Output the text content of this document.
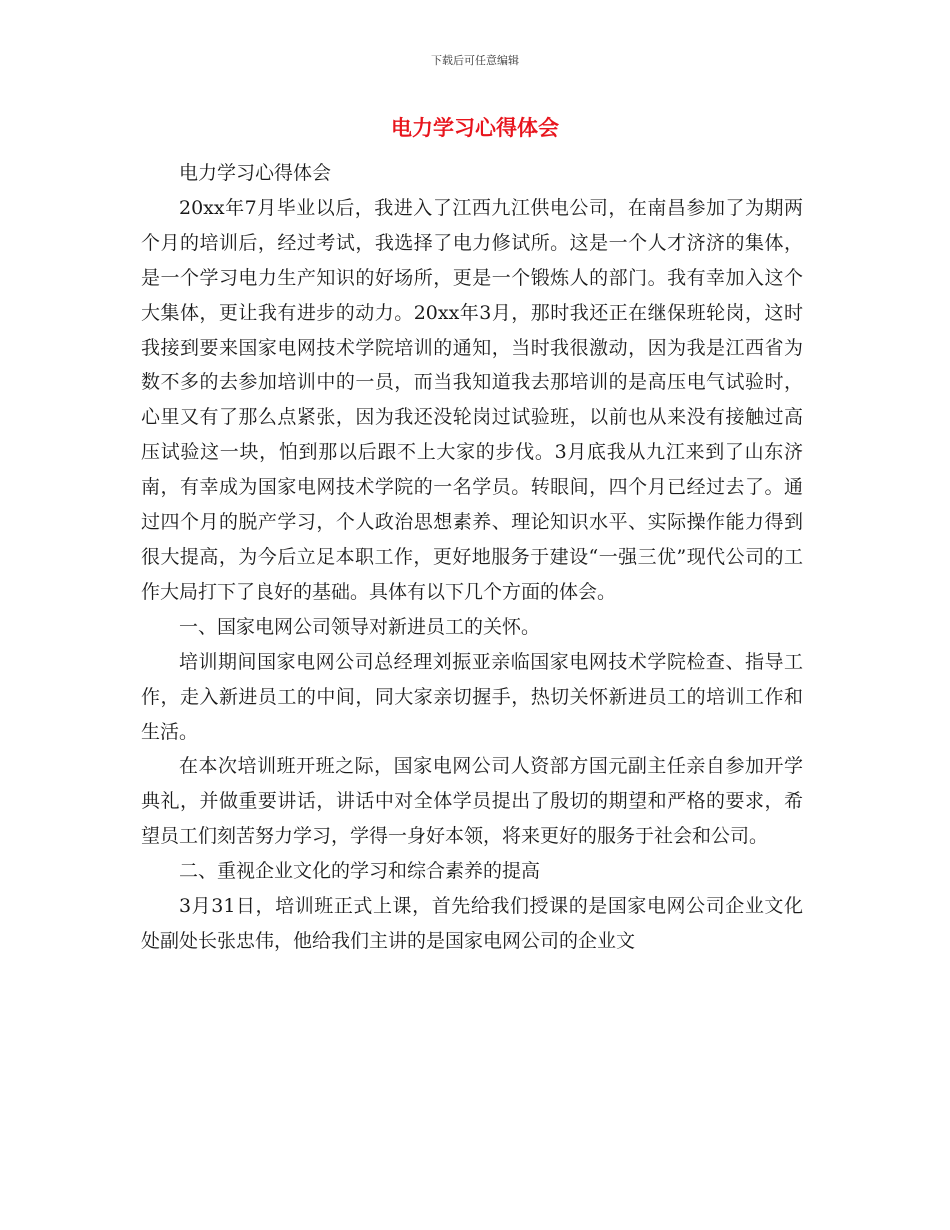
下载后可任意编辑
电力学习心得体会

电力学习心得体会

20xx年7月毕业以后，我进入了江西九江供电公司，在南昌参加了为期两个月的培训后，经过考试，我选择了电力修试所。这是一个人才济济的集体，是一个学习电力生产知识的好场所，更是一个锻炼人的部门。我有幸加入这个大集体，更让我有进步的动力。20xx年3月，那时我还正在继保班轮岗，这时我接到要来国家电网技术学院培训的通知，当时我很激动，因为我是江西省为数不多的去参加培训中的一员，而当我知道我去那培训的是高压电气试验时，心里又有了那么点紧张，因为我还没轮岗过试验班，以前也从来没有接触过高压试验这一块，怕到那以后跟不上大家的步伐。3月底我从九江来到了山东济南，有幸成为国家电网技术学院的一名学员。转眼间，四个月已经过去了。通过四个月的脱产学习，个人政治思想素养、理论知识水平、实际操作能力得到很大提高，为今后立足本职工作，更好地服务于建设“一强三优”现代公司的工作大局打下了良好的基础。具体有以下几个方面的体会。

一、国家电网公司领导对新进员工的关怀。

培训期间国家电网公司总经理刘振亚亲临国家电网技术学院检查、指导工作，走入新进员工的中间，同大家亲切握手，热切关怀新进员工的培训工作和生活。

在本次培训班开班之际，国家电网公司人资部方国元副主任亲自参加开学典礼，并做重要讲话，讲话中对全体学员提出了殷切的期望和严格的要求，希望员工们刻苦努力学习，学得一身好本领，将来更好的服务于社会和公司。

二、重视企业文化的学习和综合素养的提高

3月31日，培训班正式上课，首先给我们授课的是国家电网公司企业文化处副处长张忠伟，他给我们主讲的是国家电网公司的企业文
